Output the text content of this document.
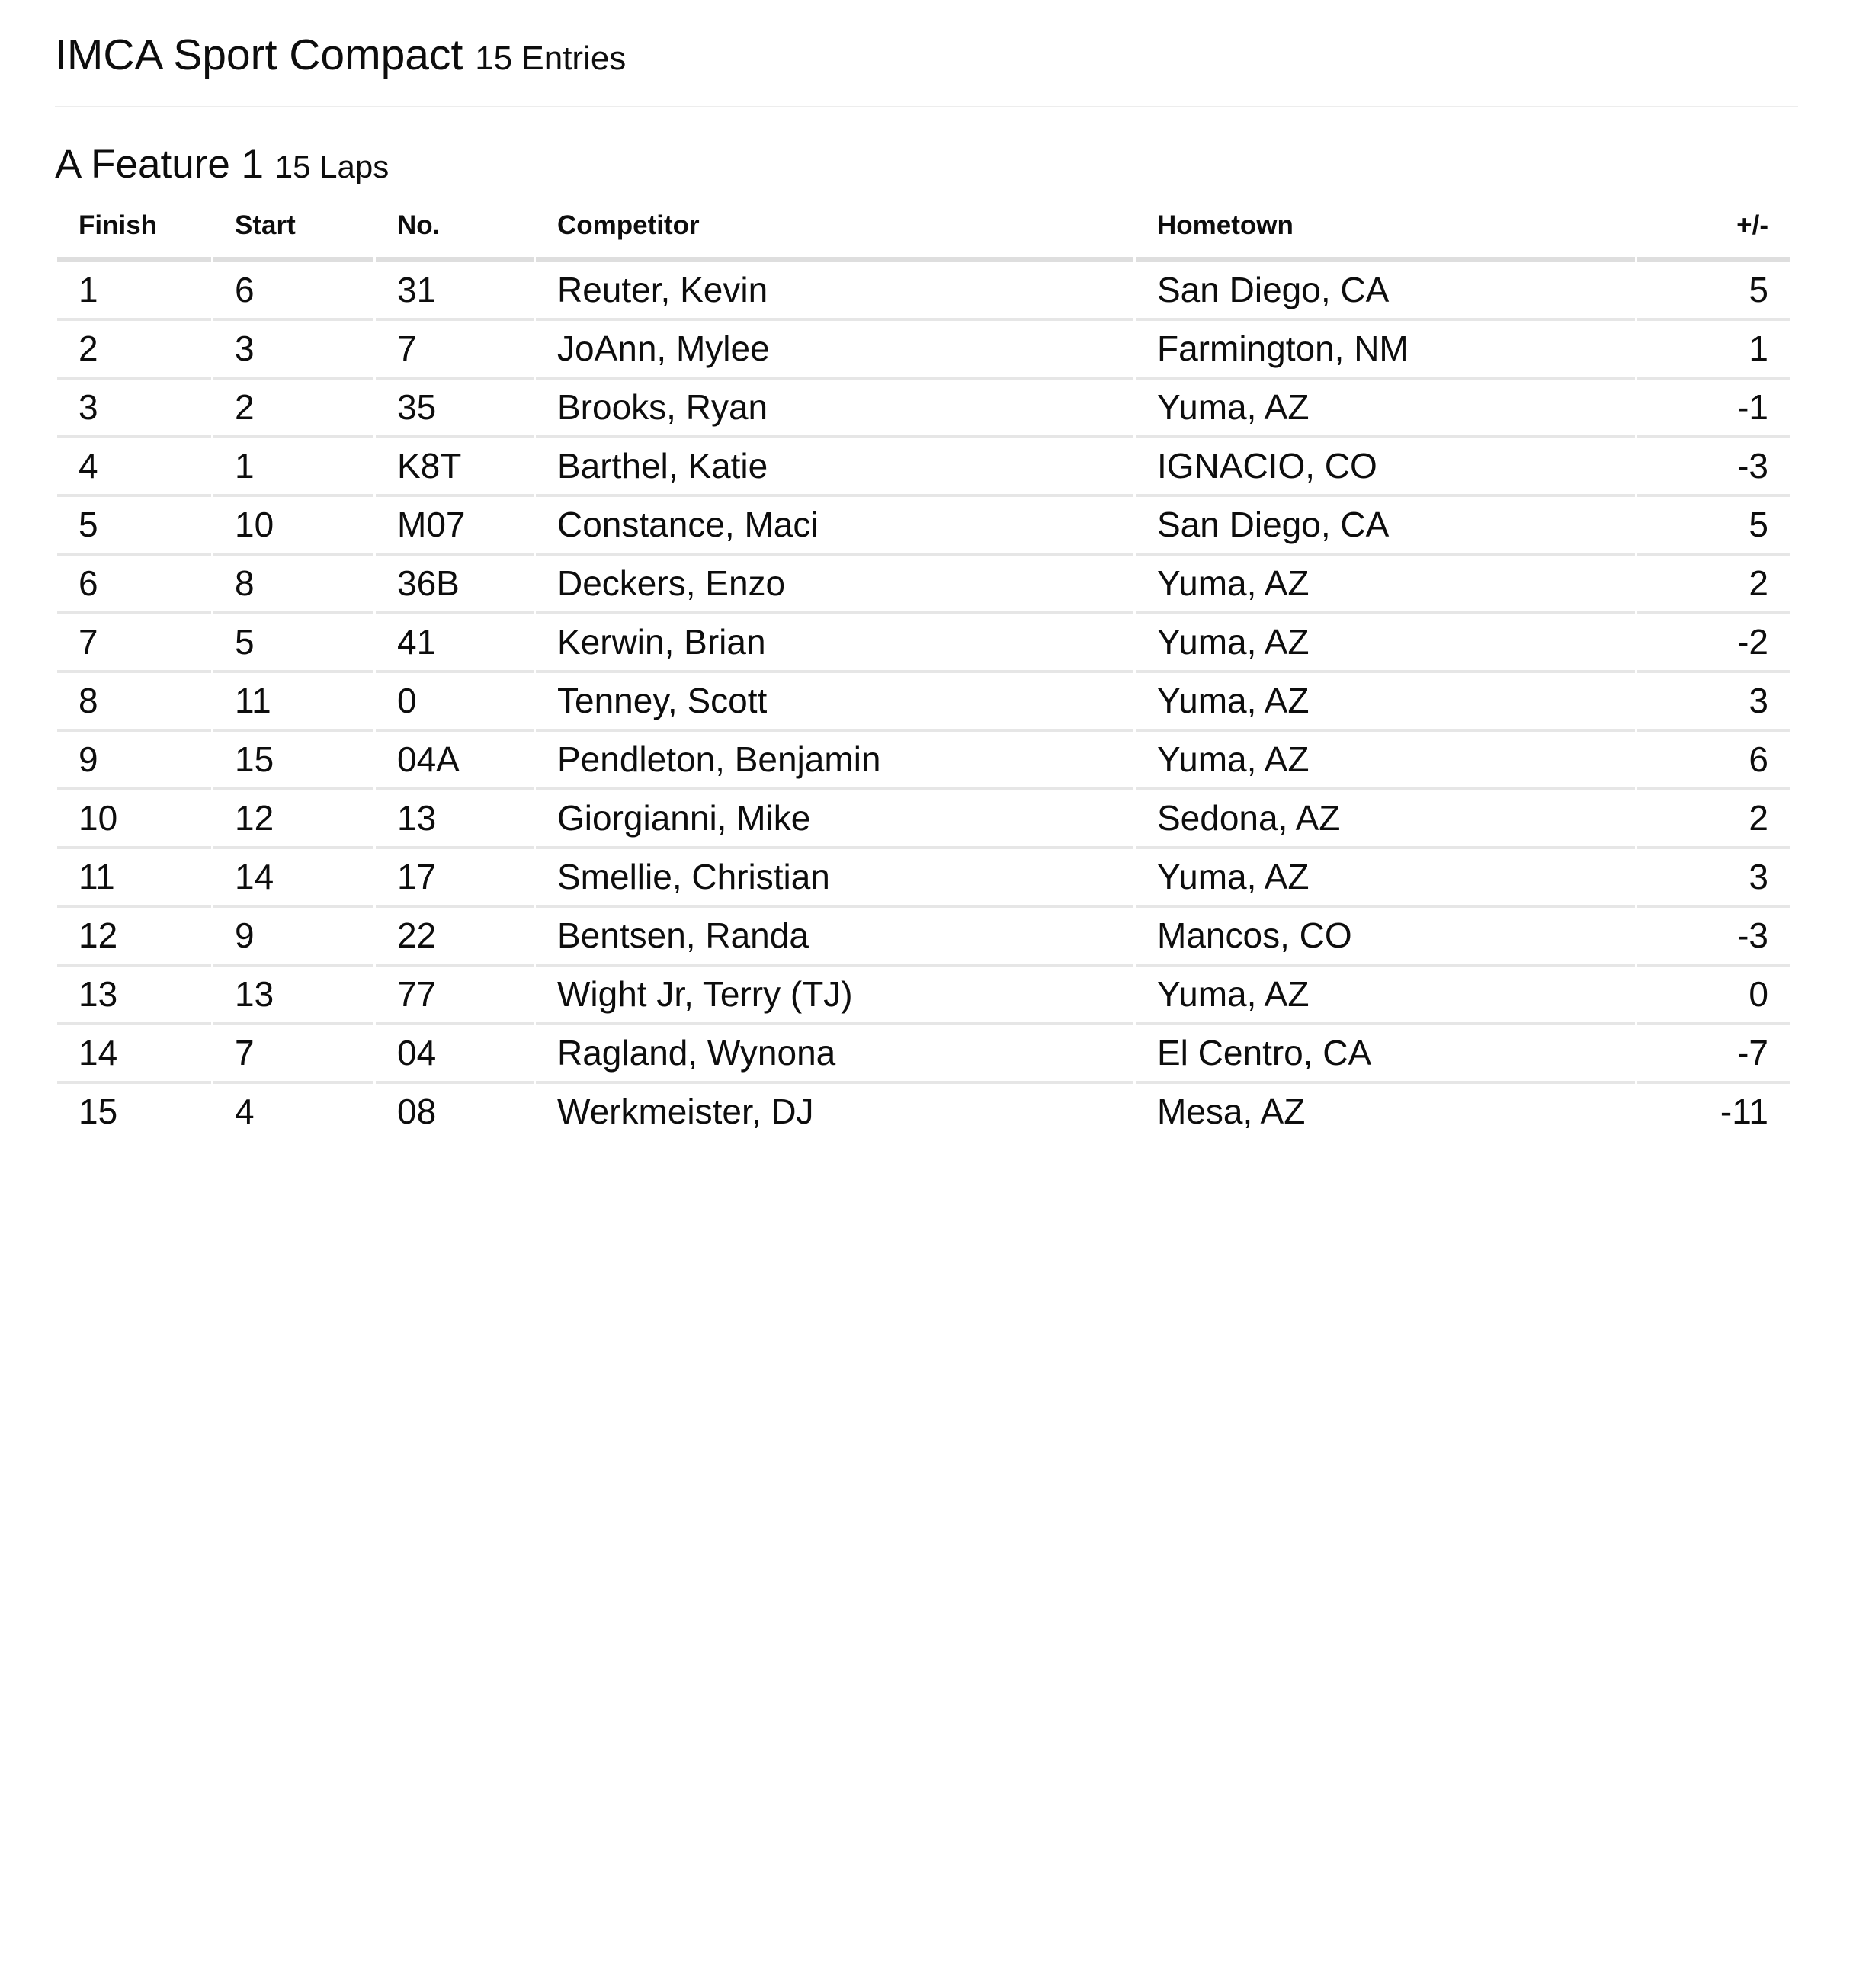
IMCA Sport Compact 15 Entries
A Feature 1 15 Laps
Finish	Start	No.	Competitor	Hometown	+/-
1	6	31	Reuter, Kevin	San Diego, CA	5
2	3	7	JoAnn, Mylee	Farmington, NM	1
3	2	35	Brooks, Ryan	Yuma, AZ	-1
4	1	K8T	Barthel, Katie	IGNACIO, CO	-3
5	10	M07	Constance, Maci	San Diego, CA	5
6	8	36B	Deckers, Enzo	Yuma, AZ	2
7	5	41	Kerwin, Brian	Yuma, AZ	-2
8	11	0	Tenney, Scott	Yuma, AZ	3
9	15	04A	Pendleton, Benjamin	Yuma, AZ	6
10	12	13	Giorgianni, Mike	Sedona, AZ	2
11	14	17	Smellie, Christian	Yuma, AZ	3
12	9	22	Bentsen, Randa	Mancos, CO	-3
13	13	77	Wight Jr, Terry (TJ)	Yuma, AZ	0
14	7	04	Ragland, Wynona	El Centro, CA	-7
15	4	08	Werkmeister, DJ	Mesa, AZ	-11
